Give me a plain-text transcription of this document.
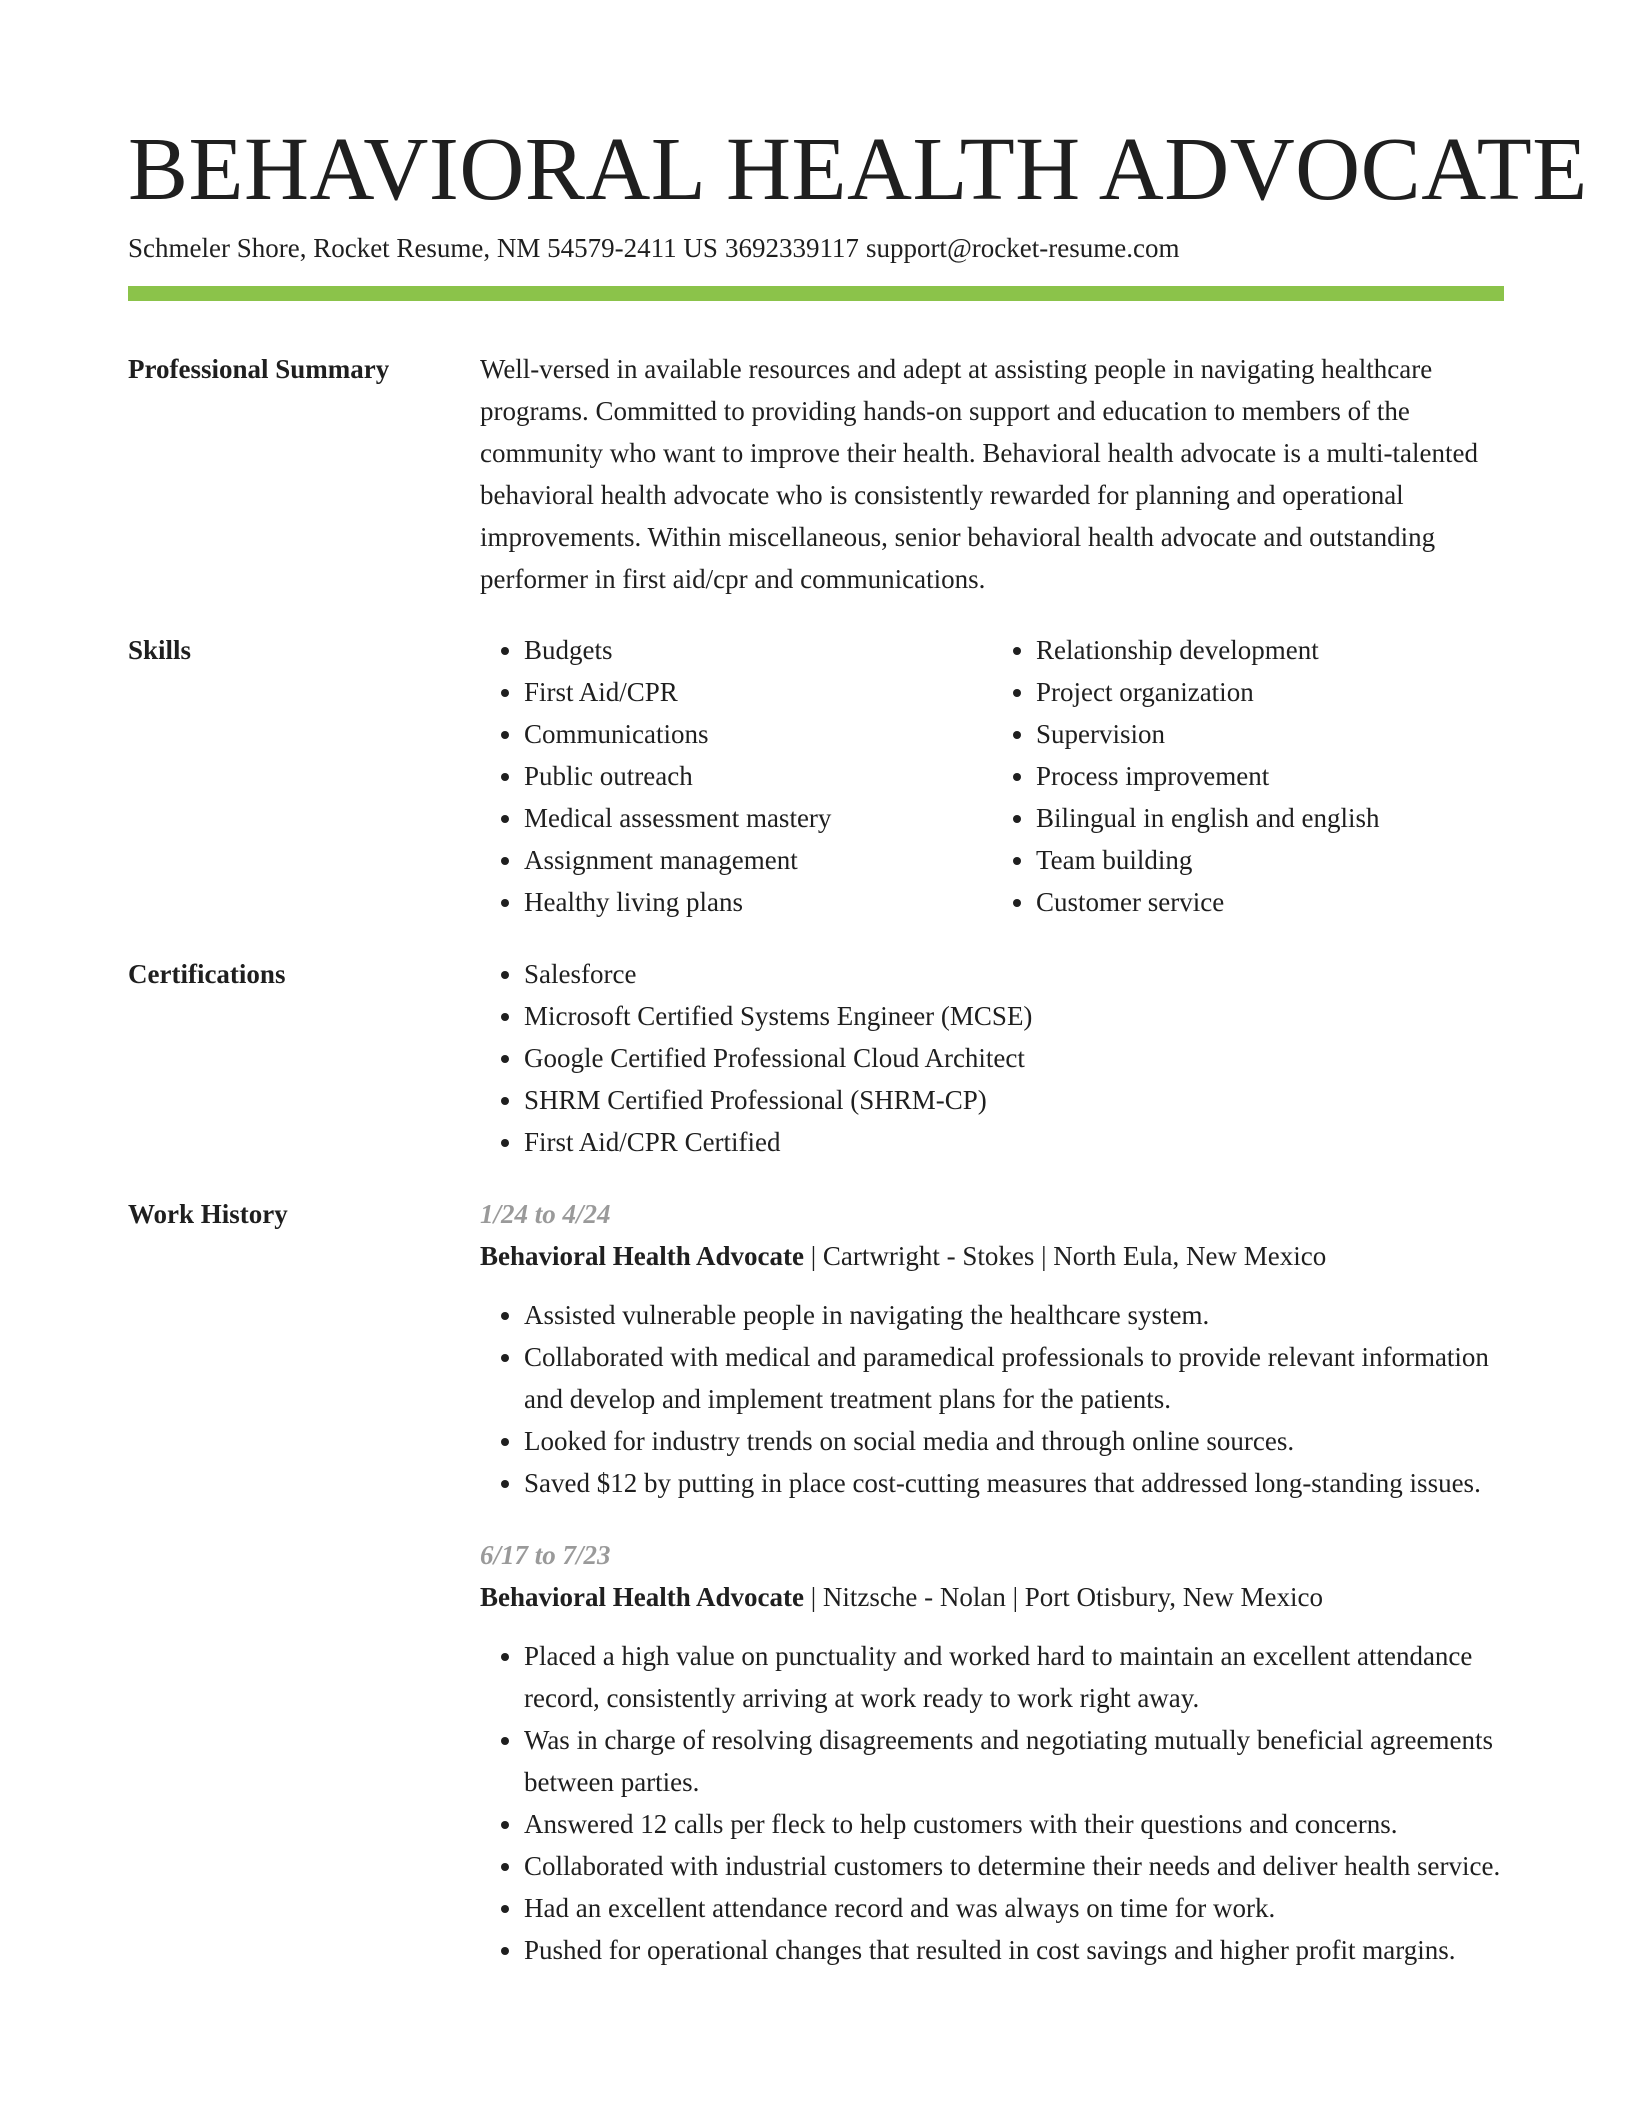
BEHAVIORAL HEALTH ADVOCATE
Schmeler Shore, Rocket Resume, NM 54579-2411 US 3692339117 support@rocket-resume.com
Professional Summary	Well-versed in available resources and adept at assisting people in navigating healthcare programs. Committed to providing hands-on support and education to members of the community who want to improve their health. Behavioral health advocate is a multi-talented behavioral health advocate who is consistently rewarded for planning and operational improvements. Within miscellaneous, senior behavioral health advocate and outstanding performer in first aid/cpr and communications.
Skills	• Budgets
• First Aid/CPR
• Communications
• Public outreach
• Medical assessment mastery
• Assignment management
• Healthy living plans
• Relationship development
• Project organization
• Supervision
• Process improvement
• Bilingual in english and english
• Team building
• Customer service
Certifications	• Salesforce
• Microsoft Certified Systems Engineer (MCSE)
• Google Certified Professional Cloud Architect
• SHRM Certified Professional (SHRM-CP)
• First Aid/CPR Certified
Work History	1/24 to 4/24
Behavioral Health Advocate | Cartwright - Stokes | North Eula, New Mexico
• Assisted vulnerable people in navigating the healthcare system.
• Collaborated with medical and paramedical professionals to provide relevant information and develop and implement treatment plans for the patients.
• Looked for industry trends on social media and through online sources.
• Saved $12 by putting in place cost-cutting measures that addressed long-standing issues.
6/17 to 7/23
Behavioral Health Advocate | Nitzsche - Nolan | Port Otisbury, New Mexico
• Placed a high value on punctuality and worked hard to maintain an excellent attendance record, consistently arriving at work ready to work right away.
• Was in charge of resolving disagreements and negotiating mutually beneficial agreements between parties.
• Answered 12 calls per fleck to help customers with their questions and concerns.
• Collaborated with industrial customers to determine their needs and deliver health service.
• Had an excellent attendance record and was always on time for work.
• Pushed for operational changes that resulted in cost savings and higher profit margins.
